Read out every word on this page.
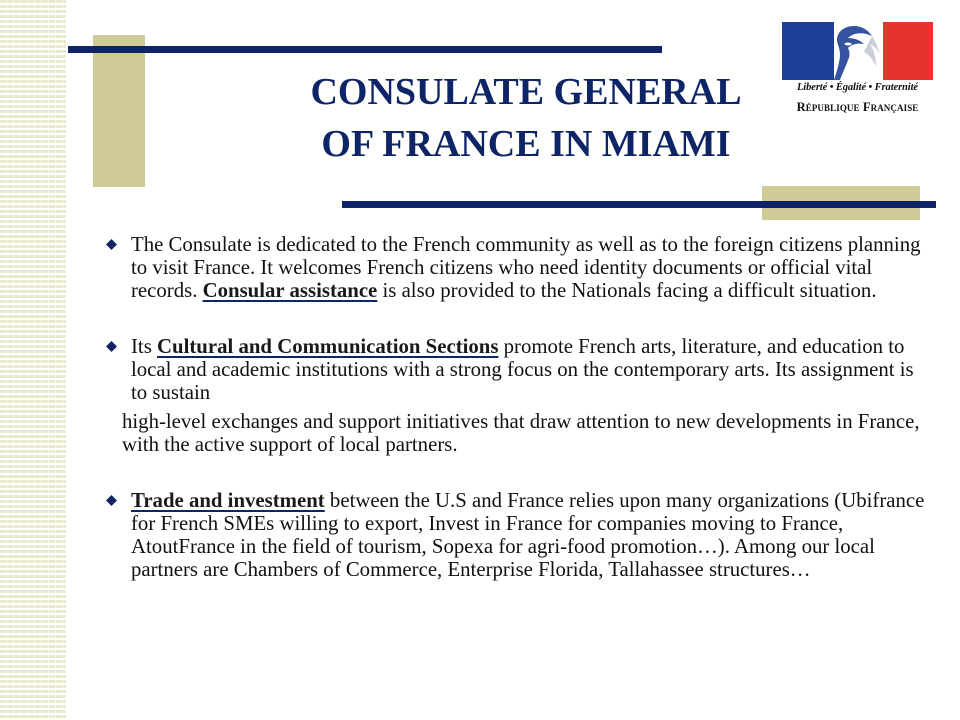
CONSULATE GENERAL
OF FRANCE IN MIAMI
Liberté • Égalité • Fraternité
République Française
The Consulate is dedicated to the French community as well as to the foreign citizens planning to visit France. It welcomes French citizens who need identity documents or official vital records. Consular assistance is also provided to the Nationals facing a difficult situation.
Its Cultural and Communication Sections promote French arts, literature, and education to local and academic institutions with a strong focus on the contemporary arts. Its assignment is to sustain
high-level exchanges and support initiatives that draw attention to new developments in France, with the active support of local partners.
Trade and investment between the U.S and France relies upon many organizations (Ubifrance for French SMEs willing to export, Invest in France for companies moving to France, AtoutFrance in the field of tourism, Sopexa for agri-food promotion…). Among our local partners are Chambers of Commerce, Enterprise Florida, Tallahassee structures…
